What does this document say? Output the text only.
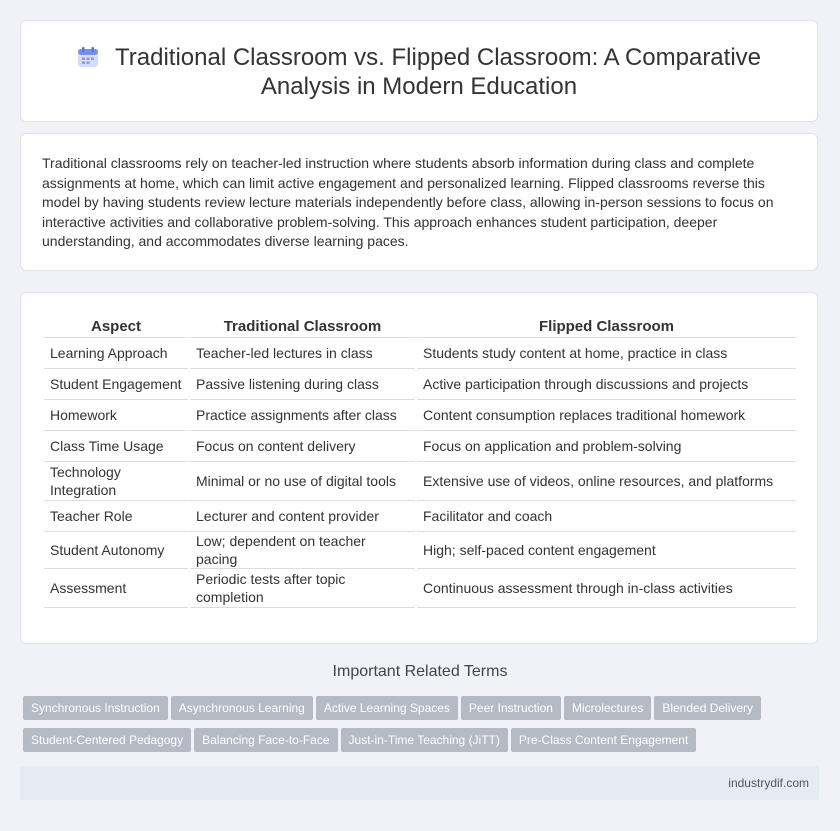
Traditional Classroom vs. Flipped Classroom: A Comparative Analysis in Modern Education

Traditional classrooms rely on teacher-led instruction where students absorb information during class and complete assignments at home, which can limit active engagement and personalized learning. Flipped classrooms reverse this model by having students review lecture materials independently before class, allowing in-person sessions to focus on interactive activities and collaborative problem-solving. This approach enhances student participation, deeper understanding, and accommodates diverse learning paces.

Aspect	Traditional Classroom	Flipped Classroom
Learning Approach	Teacher-led lectures in class	Students study content at home, practice in class
Student Engagement	Passive listening during class	Active participation through discussions and projects
Homework	Practice assignments after class	Content consumption replaces traditional homework
Class Time Usage	Focus on content delivery	Focus on application and problem-solving
Technology Integration	Minimal or no use of digital tools	Extensive use of videos, online resources, and platforms
Teacher Role	Lecturer and content provider	Facilitator and coach
Student Autonomy	Low; dependent on teacher pacing	High; self-paced content engagement
Assessment	Periodic tests after topic completion	Continuous assessment through in-class activities
Important Related Terms
Synchronous Instruction Asynchronous Learning Active Learning Spaces Peer Instruction Microlectures Blended Delivery
Student-Centered Pedagogy Balancing Face-to-Face Just-in-Time Teaching (JiTT) Pre-Class Content Engagement
industrydif.com
